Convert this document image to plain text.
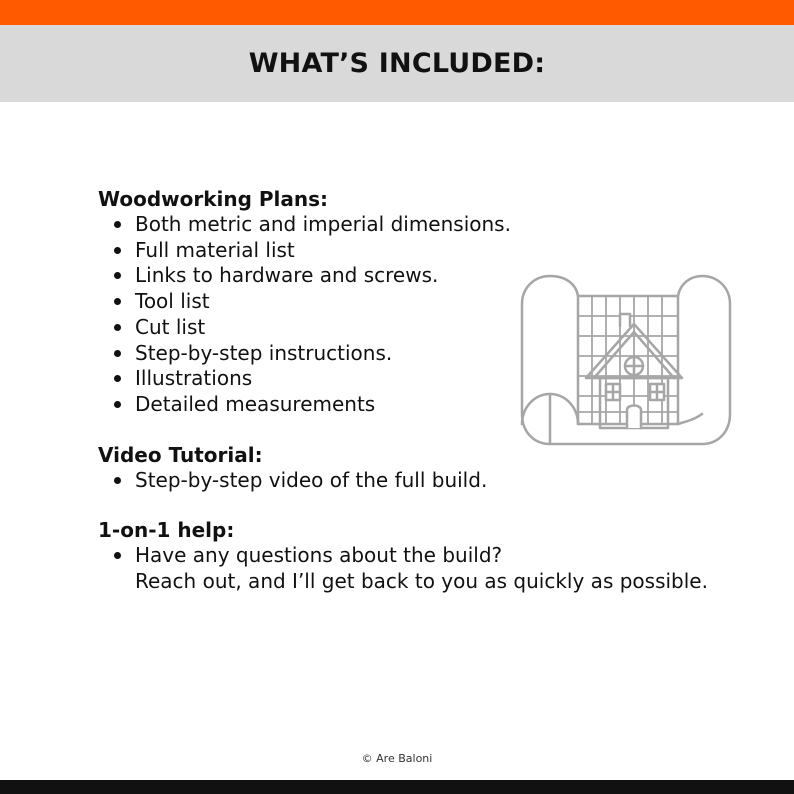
WHAT’S INCLUDED:
Woodworking Plans:
Both metric and imperial dimensions.
Full material list
Links to hardware and screws.
Tool list
Cut list
Step-by-step instructions.
Illustrations
Detailed measurements
Video Tutorial:
Step-by-step video of the full build.
1-on-1 help:
Have any questions about the build?
Reach out, and I’ll get back to you as quickly as possible.
© Are Baloni
